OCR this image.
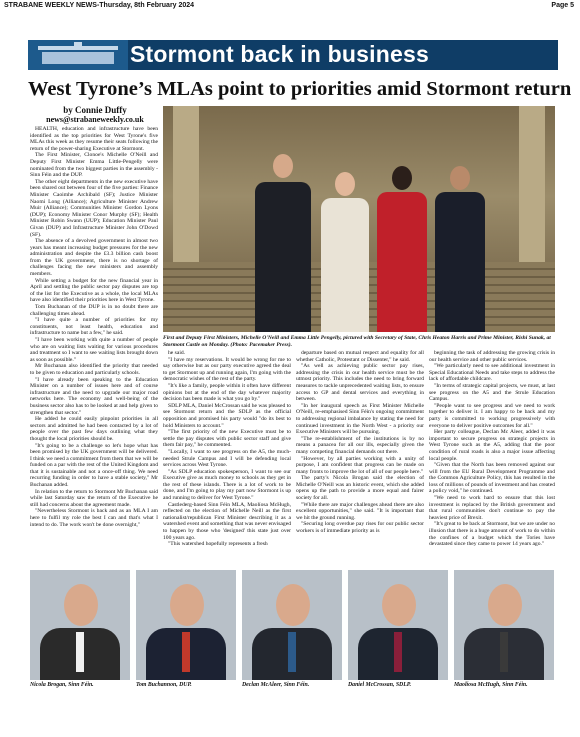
STRABANE WEEKLY NEWS-Thursday, 8th February 2024	Page 5
Stormont back in business
West Tyrone’s MLAs point to priorities amid Stormont return
by Connie Duffy
news@strabaneweekly.co.uk

HEALTH, education and infrastructure have been identified as the top priorities for West Tyrone's five MLAs this week as they resume their seats following the return of the power-sharing Executive at Stormont.

The First Minister, Clonoe's Michelle O'Neill and Deputy First Minister Emma Little-Pengelly were nominated from the two biggest parties in the assembly - Sinn Féin and the DUP.

The other eight departments in the new executive have been shared out between four of the five parties: Finance Minister Caoimhe Archibald (SF); Justice Minister Naomi Long (Alliance); Agriculture Minister Andrew Muir (Alliance); Communities Minister Gordon Lyons (DUP); Economy Minister Conor Murphy (SF); Health Minister Robin Swann (UUP); Education Minister Paul Givan (DUP) and Infrastructure Minister John O'Dowd (SF).

The absence of a devolved government in almost two years has meant increasing budget pressures for the new administration and despite the £3.3 billion cash boost from the UK government, there is no shortage of challenges facing the new ministers and assembly members.

While setting a budget for the new financial year in April and settling the public sector pay disputes are top of the list for the Executive as a whole, the local MLAs have also identified their priorities here in West Tyrone.

Tom Buchanan of the DUP is in no doubt there are challenging times ahead.

"I have quite a number of priorities for my constituents, not least health, education and infrastructure to name but a few," he said.

"I have been working with quite a number of people who are on waiting lists waiting for various procedures and treatment so I want to see waiting lists brought down as soon as possible."

Mr Buchanan also identified the priority that needed to be given to education and particularly schools.

"I have already been speaking to the Education Minister on a number of issues here and of course infrastructure and the need to upgrade our major road networks here. The economy and well-being of the business sector also has to be looked at and help given to strengthen that sector."

He added he could easily pinpoint priorities in all sectors and admitted he had been contacted by a lot of people over the past few days outlining what they thought the local priorities should be.

"It's going to be a challenge so let's hope what has been promised by the UK government will be delivered. I think we need a commitment from them that we will be funded on a par with the rest of the United Kingdom and that it is sustainable and not a once-off thing. We need recurring funding in order to have a stable society," Mr Buchanan added.

In relation to the return to Stormont Mr Buchanan said while last Saturday saw the return of the Executive he still had concerns about the agreement made.

"Nevertheless Stormont is back and as an MLA I am here to fulfil my role the best I can and that's what I intend to do. The work won't be done overnight,"

First and Deputy First Ministers, Michelle O'Neill and Emma Little Pengelly, pictured with Secretary of State, Chris Heaton Harris and Prime Minister, Rishi Sunak, at Stormont Castle on Monday. (Photo: Pacemaker Press).

he said.

"I have my reservations. It would be wrong for me to say otherwise but as our party executive agreed the deal to get Stormont up and running again, I'm going with the democratic wishes of the rest of the party.

"It's like a family, people within it often have different opinions but at the end of the day whatever majority decision has been made is what you go by."

SDLP MLA, Daniel McCrossan said he was pleased to see Stormont return and the SDLP as the official opposition and promised his party would "do its best to hold Ministers to account."

"The first priority of the new Executive must be to settle the pay disputes with public sector staff and give them fair pay," he commented.

"Locally, I want to see progress on the A5, the much-needed Strule Campus and I will be defending local services across West Tyrone.

"As SDLP education spokesperson, I want to see our Executive give as much money to schools as they get in the rest of these islands. There is a lot of work to be done, and I'm going to play my part now Stormont is up and running to deliver for West Tyrone."

Castlederg-based Sinn Féin MLA, Maolíosa McHugh, reflected on the election of Michelle Neill as the first nationalist/republican First Minister describing it as a watershed event and something that was never envisaged to happen by those who 'designed' this state just over 100 years ago.

"This watershed hopefully represents a fresh

departure based on mutual respect and equality for all whether Catholic, Protestant or Dissenter," he said.

"As well as achieving public sector pay rises, addressing the crisis in our health service must be the utmost priority. This includes the need to bring forward measures to tackle unprecedented waiting lists, to ensure access to GP and dental services and everything in between.

"In her inaugural speech as First Minister Michelle O'Neill, re-emphasised Sinn Féin's ongoing commitment to addressing regional imbalance by stating the need for continued investment in the North West - a priority our Executive Ministers will be pursuing.

"The re-establishment of the institutions is by no means a panacea for all our ills, especially given the many competing financial demands out there.

"However, by all parties working with a unity of purpose, I am confident that progress can be made on many fronts to improve the lot of all of our people here."

The party's Nicola Brogan said the election of Michelle O'Neill was an historic event, which she added opens up the path to provide a more equal and fairer society for all.

"While there are major challenges ahead there are also excellent opportunities," she said. "It is important that we hit the ground running.

"Securing long overdue pay rises for our public sector workers is of immediate priority as is

beginning the task of addressing the growing crisis in our health service and other public services.

"We particularly need to see additional investment in Special Educational Needs and take steps to address the lack of affordable childcare.

"In terms of strategic capital projects, we must, at last see progress on the A5 and the Strule Education Campus.

"People want to see progress and we need to work together to deliver it. I am happy to be back and my party is committed to working progressively with everyone to deliver positive outcomes for all."

Her party colleague, Declan Mc Aleer, added it was important to secure progress on strategic projects in West Tyrone such as the A5, adding that the poor condition of rural roads is also a major issue affecting local people.

"Given that the North has been removed against our will from the EU Rural Development Programme and the Common Agriculture Policy, this has resulted in the loss of millions of pounds of investment and has created a policy void," he continued.

"We need to work hard to ensure that this lost investment is replaced by the British government and that rural communities don't continue to pay the heaviest price of Brexit.

"It's great to be back at Stormont, but we are under no illusion that there is a huge amount of work to do within the confines of a budget which the Tories have devastated since they came to power 14 years ago."

Nicola Brogan, Sinn Féin.	Tom Buchannon, DUP.	Declan McAleer, Sinn Féin.	Daniel McCrossan, SDLP.	Maolíosa McHugh, Sinn Féin.
